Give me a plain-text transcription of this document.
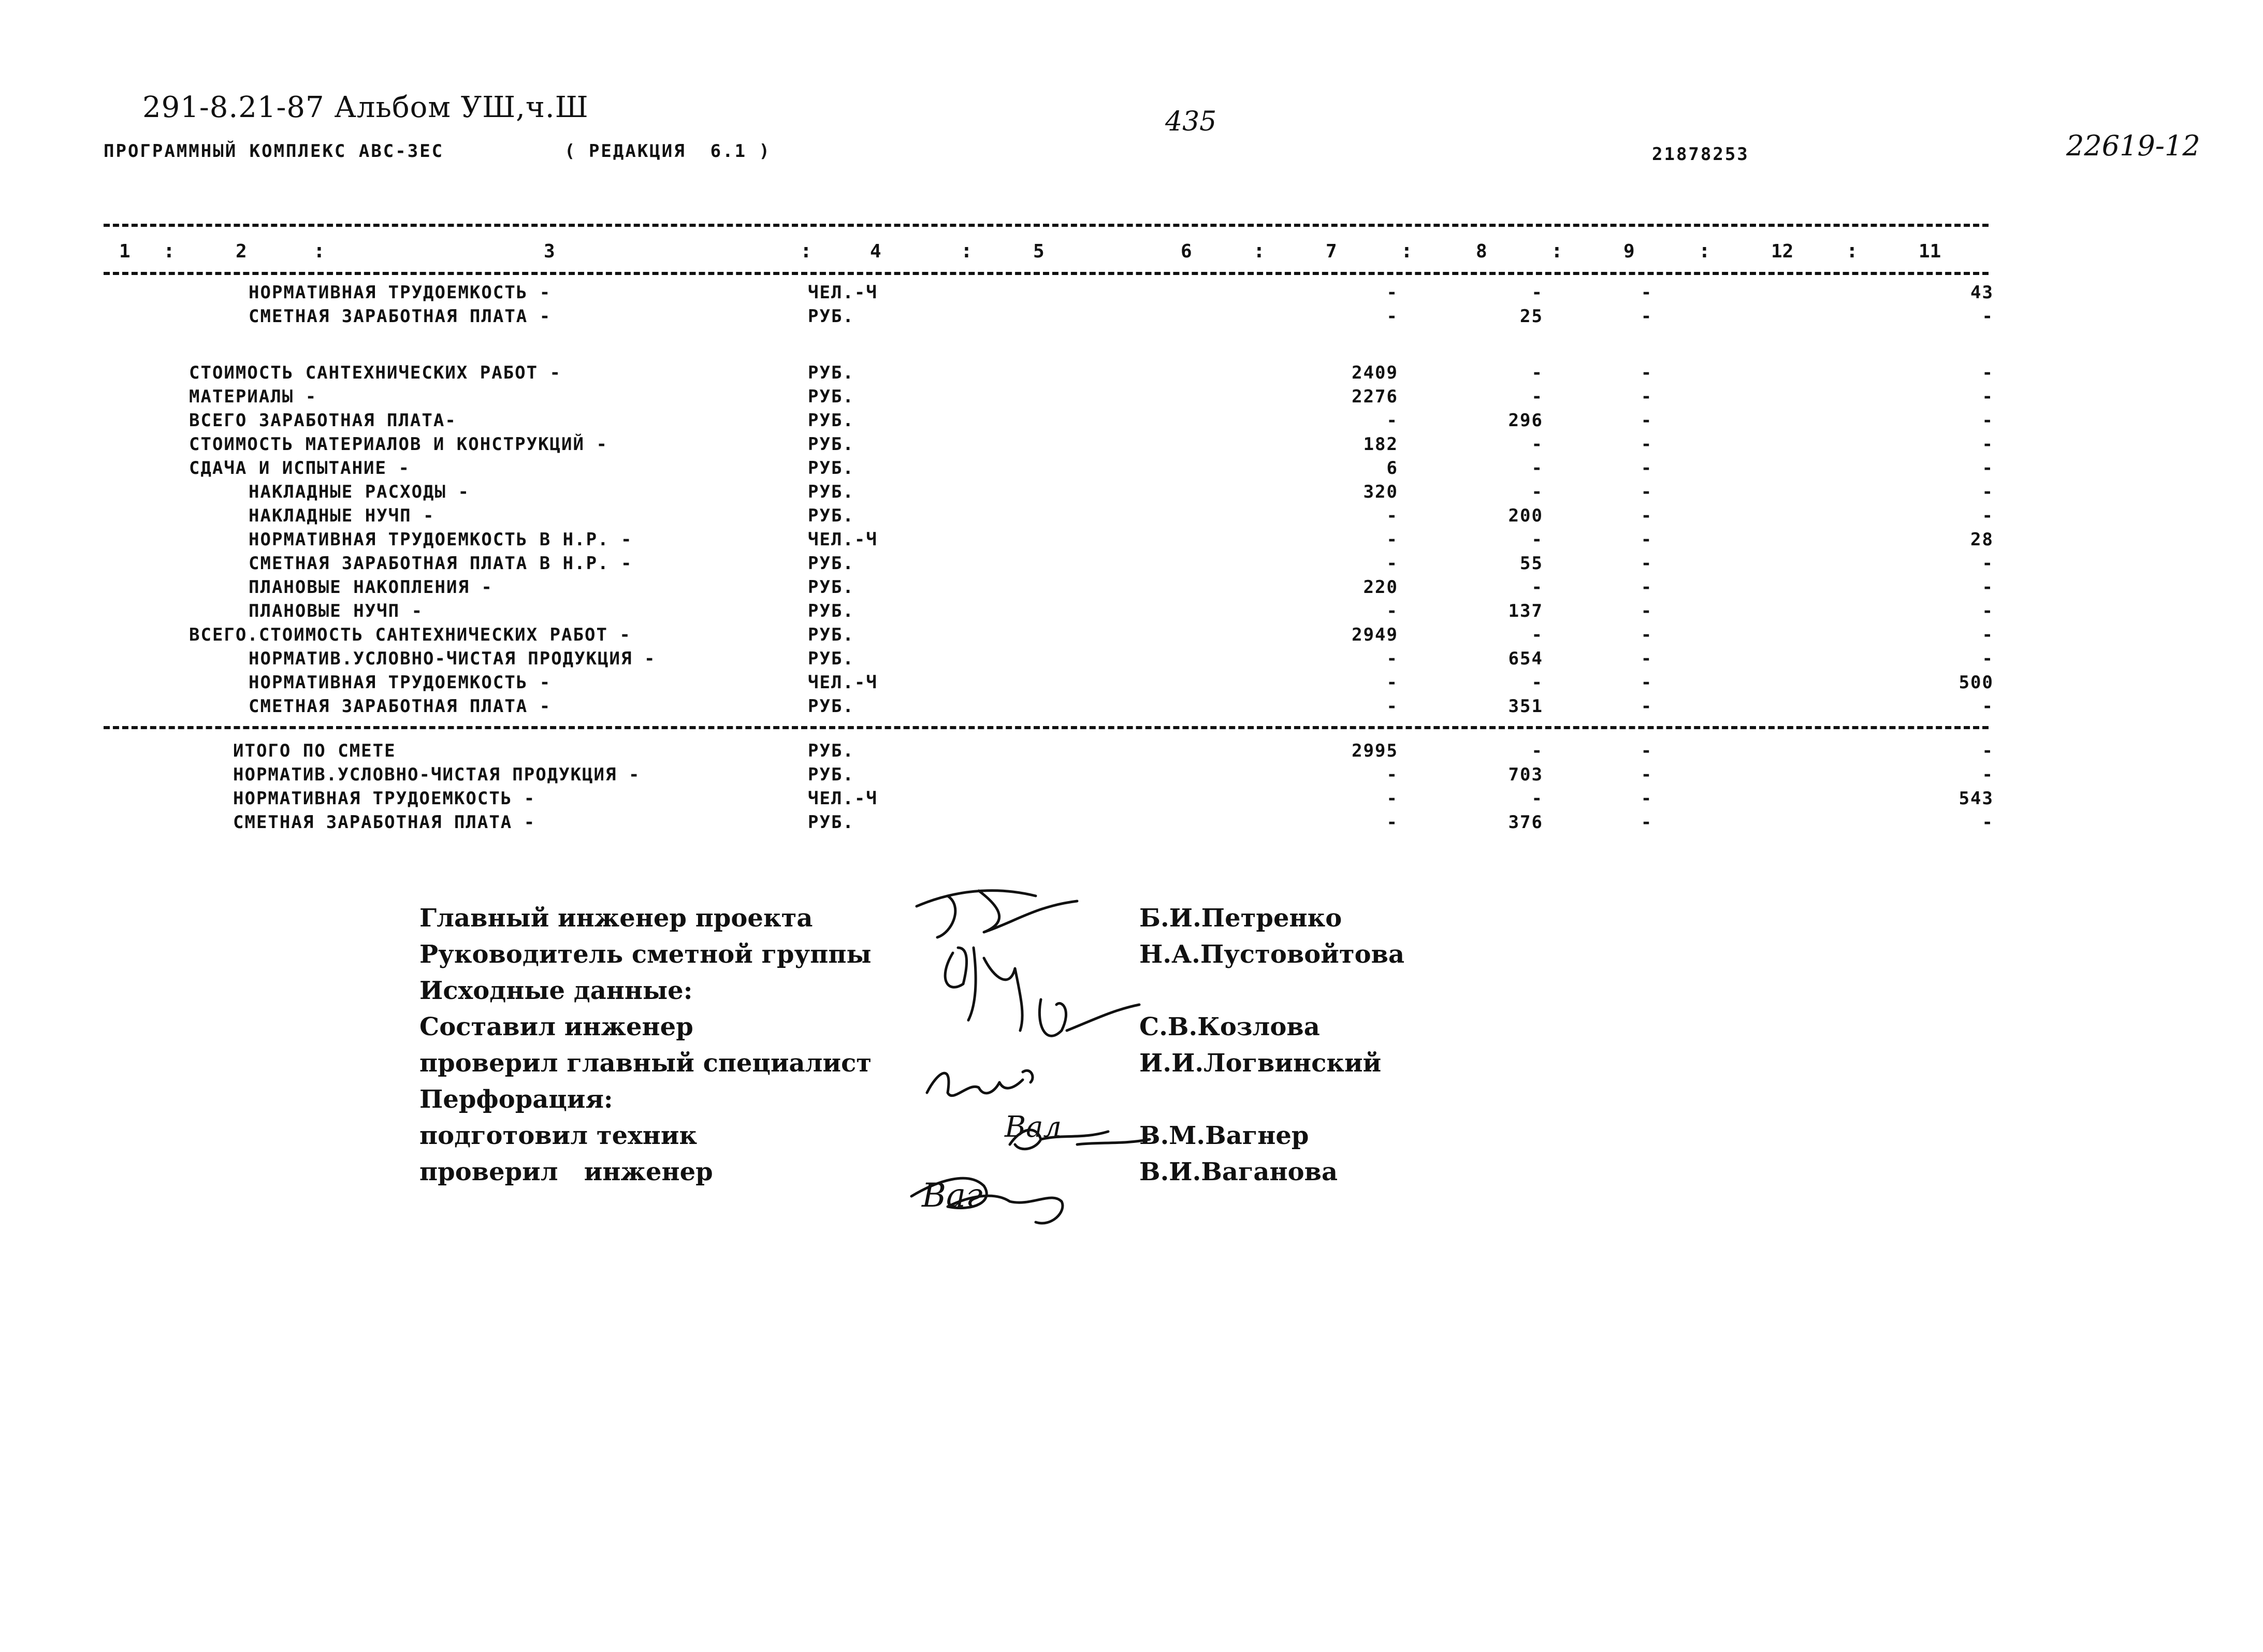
291-8.21-87 Альбом УШ,ч.Ш	435
22619-12
ПРОГРАММНЫЙ КОМПЛЕКС АВС-3ЕС	( РЕДАКЦИЯ  6.1 )	21878253
1 :	2	:	3	:	4	:	5	6	:	7	:	8	:	9	:	12	:	11
НОРМАТИВНАЯ ТРУДОЕМКОСТЬ -	ЧЕЛ.-Ч	-	-	-	43
СМЕТНАЯ ЗАРАБОТНАЯ ПЛАТА -	РУБ.	-	25	-	-
СТОИМОСТЬ САНТЕХНИЧЕСКИХ РАБОТ -	РУБ.	2409	-	-	-
МАТЕРИАЛЫ -	РУБ.	2276	-	-	-
ВСЕГО ЗАРАБОТНАЯ ПЛАТА-	РУБ.	-	296	-	-
СТОИМОСТЬ МАТЕРИАЛОВ И КОНСТРУКЦИЙ -	РУБ.	182	-	-	-
СДАЧА И ИСПЫТАНИЕ -	РУБ.	6	-	-	-
НАКЛАДНЫЕ РАСХОДЫ -	РУБ.	320	-	-	-
НАКЛАДНЫЕ НУЧП -	РУБ.	-	200	-	-
НОРМАТИВНАЯ ТРУДОЕМКОСТЬ В Н.Р. -	ЧЕЛ.-Ч	-	-	-	28
СМЕТНАЯ ЗАРАБОТНАЯ ПЛАТА В Н.Р. -	РУБ.	-	55	-	-
ПЛАНОВЫЕ НАКОПЛЕНИЯ -	РУБ.	220	-	-	-
ПЛАНОВЫЕ НУЧП -	РУБ.	-	137	-	-
ВСЕГО.СТОИМОСТЬ САНТЕХНИЧЕСКИХ РАБОТ -	РУБ.	2949	-	-	-
НОРМАТИВ.УСЛОВНО-ЧИСТАЯ ПРОДУКЦИЯ -	РУБ.	-	654	-	-
НОРМАТИВНАЯ ТРУДОЕМКОСТЬ -	ЧЕЛ.-Ч	-	-	-	500
СМЕТНАЯ ЗАРАБОТНАЯ ПЛАТА -	РУБ.	-	351	-	-
ИТОГО ПО СМЕТЕ	РУБ.	2995	-	-	-
НОРМАТИВ.УСЛОВНО-ЧИСТАЯ ПРОДУКЦИЯ -	РУБ.	-	703	-	-
НОРМАТИВНАЯ ТРУДОЕМКОСТЬ -	ЧЕЛ.-Ч	-	-	-	543
СМЕТНАЯ ЗАРАБОТНАЯ ПЛАТА -	РУБ.	-	376	-	-
Главный инженер проекта	Б.И.Петренко
Руководитель сметной группы	Н.А.Пустовойтова
Исходные данные:
Составил инженер	С.В.Козлова
проверил главный специалист	И.И.Логвинский
Перфорация:
подготовил техник	В.М.Вагнер
проверил   инженер	В.И.Ваганова
Вал
Ваг
